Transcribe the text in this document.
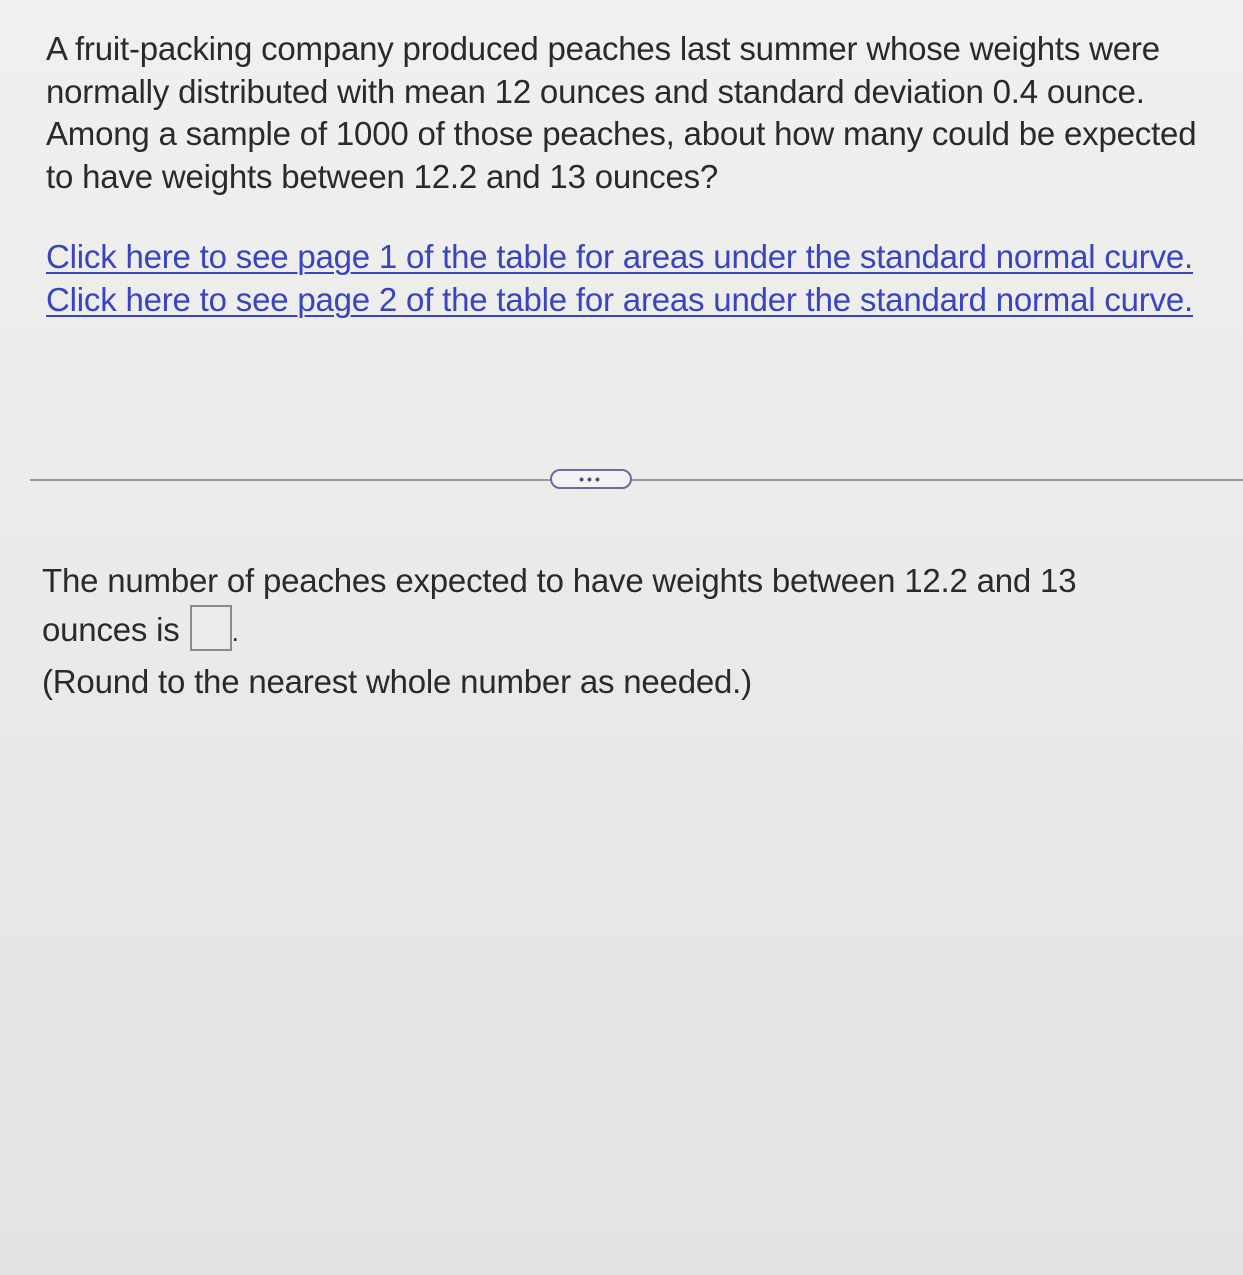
A fruit-packing company produced peaches last summer whose weights were normally distributed with mean 12 ounces and standard deviation 0.4 ounce. Among a sample of 1000 of those peaches, about how many could be expected to have weights between 12.2 and 13 ounces?
Click here to see page 1 of the table for areas under the standard normal curve.
Click here to see page 2 of the table for areas under the standard normal curve.
•••
The number of peaches expected to have weights between 12.2 and 13
ounces is .
(Round to the nearest whole number as needed.)
